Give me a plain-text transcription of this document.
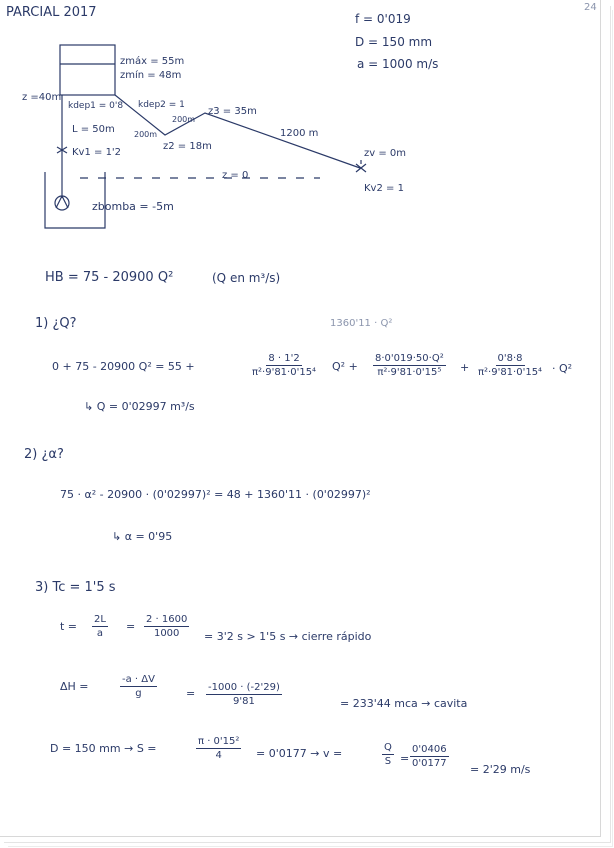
PARCIAL 2017	24
f = 0'019
D = 150 mm
a = 1000 m/s
zmáx = 55m
zmín = 48m
z =40m
kdep1 = 0'8 kdep2 = 1
z3 = 35m
L = 50m 200m
200m
z2 = 18m
1200 m
zv = 0m
Kv1 = 1'2
z = 0
Kv2 = 1
zbomba = -5m
HB = 75 - 20900 Q²	(Q en m³/s)
1) ¿Q?	1360'11 · Q²
0 + 75 - 20900 Q² = 55 +	$\frac{8 \cdot 1'2}{\text{π²·9'81·0'15⁴}} Q^2 + \frac{\text{8·0'019·50·Q²}}{\text{π²·9'81·0'15⁵}} + \frac{0'8\cdot 8}{\text{π²·9'81·0'15⁴}} \cdot Q^2$
↳ Q = 0'02997 m³/s
2) ¿α?
75 · α² - 20900 · (0'02997)² = 48 + 1360'11 · (0'02997)²
↳ α = 0'95
3) Tc = 1'5 s
$t = \frac{2L}{a} = \frac{2 \cdot 1600}{1000} = 3'2$ s > 1'5 s → cierre rápido
ΔH =	$\frac{-a \cdot \Delta V}{g}$	= $\frac{-1000 \cdot (-2'29)}{9'81}$	= 233'44 mca → cavita
D = 150 mm → S =	$\frac{\text{π · 0'15²}}{4} = 0'0177 \to v$ =	$\frac{Q}{S} = \frac{0'0406}{0'0177}$
= 2'29 m/s
